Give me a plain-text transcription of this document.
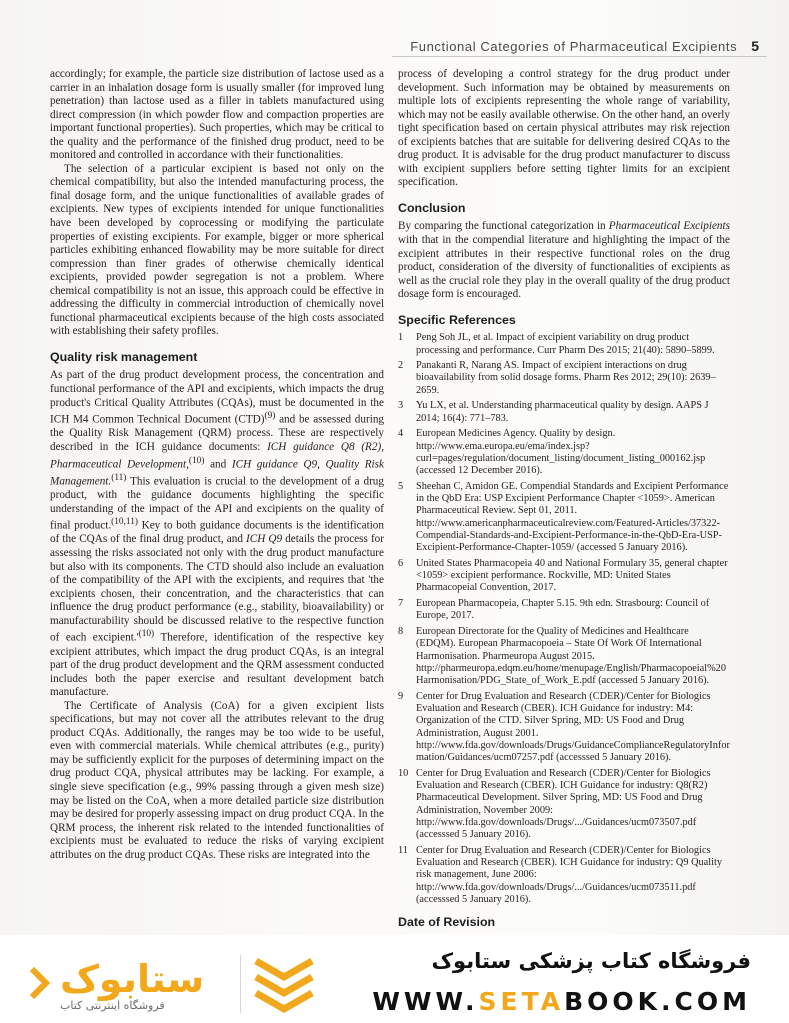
Functional Categories of Pharmaceutical Excipients 5

accordingly; for example, the particle size distribution of lactose used as a carrier in an inhalation dosage form is usually smaller (for improved lung penetration) than lactose used as a filler in tablets manufactured using direct compression (in which powder flow and compaction properties are important functional properties). Such properties, which may be critical to the quality and the performance of the finished drug product, need to be monitored and controlled in accordance with their functionalities.

The selection of a particular excipient is based not only on the chemical compatibility, but also the intended manufacturing process, the final dosage form, and the unique functionalities of available grades of excipients. New types of excipients intended for unique functionalities have been developed by coprocessing or modifying the particulate properties of existing excipients. For example, bigger or more spherical particles exhibiting enhanced flowability may be more suitable for direct compression than finer grades of otherwise chemically identical excipients, provided powder segregation is not a problem. Where chemical compatibility is not an issue, this approach could be effective in addressing the difficulty in commercial introduction of chemically novel functional pharmaceutical excipients because of the high costs associated with establishing their safety profiles.

Quality risk management

As part of the drug product development process, the concentration and functional performance of the API and excipients, which impacts the drug product's Critical Quality Attributes (CQAs), must be documented in the ICH M4 Common Technical Document (CTD)$^{(9)}$ and be assessed during the Quality Risk Management (QRM) process. These are respectively described in the ICH guidance documents: ICH guidance Q8 (R2), Pharmaceutical Development,$^{(10)}$ and ICH guidance Q9, Quality Risk Management.$^{(11)}$ This evaluation is crucial to the development of a drug product, with the guidance documents highlighting the specific understanding of the impact of the API and excipients on the quality of final product.$^{(10,11)}$ Key to both guidance documents is the identification of the CQAs of the final drug product, and ICH Q9 details the process for assessing the risks associated not only with the drug product manufacture but also with its components. The CTD should also include an evaluation of the compatibility of the API with the excipients, and requires that 'the excipients chosen, their concentration, and the characteristics that can influence the drug product performance (e.g., stability, bioavailability) or manufacturability should be discussed relative to the respective function of each $excipient.'^{(10)}$ Therefore, identification of the respective key excipient attributes, which impact the drug product CQAs, is an integral part of the drug product development and the QRM assessment conducted includes both the paper exercise and resultant development batch manufacture.

The Certificate of Analysis (CoA) for a given excipient lists specifications, but may not cover all the attributes relevant to the drug product CQAs. Additionally, the ranges may be too wide to be useful, even with commercial materials. While chemical attributes (e.g., purity) may be sufficiently explicit for the purposes of determining impact on the drug product CQA, physical attributes may be lacking. For example, a single sieve specification (e.g., 99% passing through a given mesh size) may be listed on the CoA, when a more detailed particle size distribution may be desired for properly assessing impact on drug product CQA. In the QRM process, the inherent risk related to the intended functionalities of excipients must be evaluated to reduce the risks of varying excipient attributes on the drug product CQAs. These risks are integrated into the

process of developing a control strategy for the drug product under development. Such information may be obtained by measurements on multiple lots of excipients representing the whole range of variability, which may not be easily available otherwise. On the other hand, an overly tight specification based on certain physical attributes may risk rejection of excipients batches that are suitable for delivering desired CQAs to the drug product. It is advisable for the drug product manufacturer to discuss with excipient suppliers before setting tighter limits for an excipient specification.

Conclusion

By comparing the functional categorization in Pharmaceutical Excipients with that in the compendial literature and highlighting the impact of the excipient attributes in their respective functional roles on the drug product, consideration of the diversity of functionalities of excipients as well as the crucial role they play in the overall quality of the drug product dosage form is encouraged.

Specific References
1	Peng Soh JL, et al. Impact of excipient variability on drug product processing and performance. Curr Pharm Des 2015; 21(40): 5890–5899.
2	Panakanti R, Narang AS. Impact of excipient interactions on drug bioavailability from solid dosage forms. Pharm Res 2012; 29(10): 2639–2659.
3	Yu LX, et al. Understanding pharmaceutical quality by design. AAPS J 2014; 16(4): 771–783.
4	European Medicines Agency. Quality by design. http://www.ema.europa.eu/ema/index.jsp?curl=pages/regulation/document_listing/document_listing_000162.jsp (accessed 12 December 2016).
5	Sheehan C, Amidon GE. Compendial Standards and Excipient Performance in the QbD Era: USP Excipient Performance Chapter <1059>. American Pharmaceutical Review. Sept 01, 2011. http://www.americanpharmaceuticalreview.com/Featured-Articles/37322-Compendial-Standards-and-Excipient-Performance-in-the-QbD-Era-USP-Excipient-Performance-Chapter-1059/ (accessed 5 January 2016).
6	United States Pharmacopeia 40 and National Formulary 35, general chapter <1059> excipient performance. Rockville, MD: United States Pharmacopeial Convention, 2017.
7	European Pharmacopeia, Chapter 5.15. 9th edn. Strasbourg: Council of Europe, 2017.
8	European Directorate for the Quality of Medicines and Healthcare (EDQM). European Pharmacopoeia – State Of Work Of International Harmonisation. Pharmeuropa August 2015. http://pharmeuropa.edqm.eu/home/menupage/English/Pharmacopoeial%20Harmonisation/PDG_State_of_Work_E.pdf (accessed 5 January 2016).
9	Center for Drug Evaluation and Research (CDER)/Center for Biologics Evaluation and Research (CBER). ICH Guidance for industry: M4: Organization of the CTD. Silver Spring, MD: US Food and Drug Administration, August 2001. http://www.fda.gov/downloads/Drugs/GuidanceComplianceRegulatoryInformation/Guidances/ucm07257.pdf (accesssed 5 January 2016).
10 Center for Drug Evaluation and Research (CDER)/Center for Biologics Evaluation and Research (CBER). ICH Guidance for industry: Q8(R2) Pharmaceutical Development. Silver Spring, MD: US Food and Drug Administration, November 2009: http://www.fda.gov/downloads/Drugs/.../Guidances/ucm073507.pdf (accesssed 5 January 2016).
11 Center for Drug Evaluation and Research (CDER)/Center for Biologics Evaluation and Research (CBER). ICH Guidance for industry: Q9 Quality risk management, June 2006: http://www.fda.gov/downloads/Drugs/.../Guidances/ucm073511.pdf (accesssed 5 January 2016).
Date of Revision
ستابوک
فروشگاه اینترنتی کتاب
فروشگاه کتاب پزشکی ستابوک
WWW.SETABOOK.COM
